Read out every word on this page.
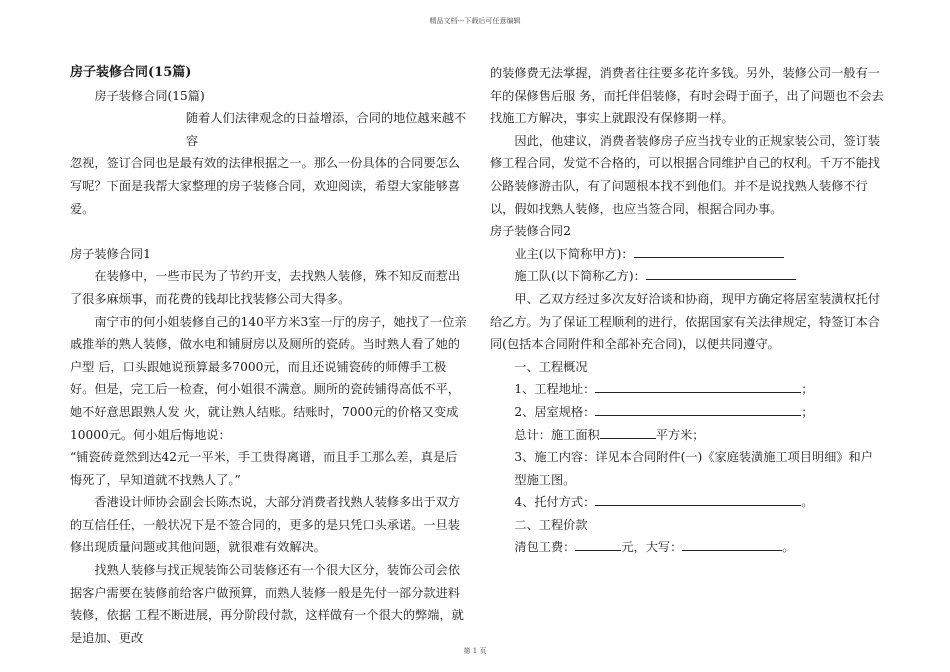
精品文档---下载后可任意编辑

房子装修合同(15篇)

房子装修合同(15篇)

随着人们法律观念的日益增添，合同的地位越来越不容

忽视，签订合同也是最有效的法律根据之一。那么一份具体的合同要怎么写呢？下面是我帮大家整理的房子装修合同，欢迎阅读，希望大家能够喜爱。

房子装修合同1

在装修中，一些市民为了节约开支，去找熟人装修，殊不知反而惹出了很多麻烦事，而花费的钱却比找装修公司大得多。

南宁市的何小姐装修自己的140平方米3室一厅的房子，她找了一位亲戚推举的熟人装修，做水电和铺厨房以及厕所的瓷砖。当时熟人看了她的户型 后，口头跟她说预算最多7000元，而且还说铺瓷砖的师傅手工极好。但是，完工后一检查，何小姐很不满意。厕所的瓷砖铺得高低不平，她不好意思跟熟人发 火，就让熟人结账。结账时，7000元的价格又变成10000元。何小姐后悔地说：

“铺瓷砖竟然到达42元一平米，手工贵得离谱，而且手工那么差，真是后 悔死了，早知道就不找熟人了。”

香港设计师协会副会长陈杰说，大部分消费者找熟人装修多出于双方的互信任任，一般状况下是不签合同的，更多的是只凭口头承诺。一旦装修出现质量问题或其他问题，就很难有效解决。

找熟人装修与找正规装饰公司装修还有一个很大区分，装饰公司会依据客户需要在装修前给客户做预算，而熟人装修一般是先付一部分款进料装修，依据 工程不断进展，再分阶段付款，这样做有一个很大的弊端，就是追加、更改

的装修费无法掌握，消费者往往要多花许多钱。另外，装修公司一般有一年的保修售后服 务，而托伴侣装修，有时会碍于面子，出了问题也不会去找施工方解决，事实上就跟没有保修期一样。

因此，他建议，消费者装修房子应当找专业的正规家装公司，签订装修工程合同，发觉不合格的，可以根据合同维护自己的权利。千万不能找公路装修游击队，有了问题根本找不到他们。并不是说找熟人装修不行以，假如找熟人装修，也应当签合同，根据合同办事。

房子装修合同2

业主(以下简称甲方)：

施工队(以下简称乙方)：

甲、乙双方经过多次友好洽谈和协商，现甲方确定将居室装潢权托付给乙方。为了保证工程顺利的进行，依据国家有关法律规定，特签订本合同(包括本合同附件和全部补充合同)，以便共同遵守。

一、工程概况

1、工程地址：	；

2、居室规格：	；

总计：施工面积	平方米；

3、施工内容：详见本合同附件(一)《家庭装潢施工项目明细》和户型施工图。

4、托付方式：	。

二、工程价款

清包工费：	元，大写：	。

第 1 页
